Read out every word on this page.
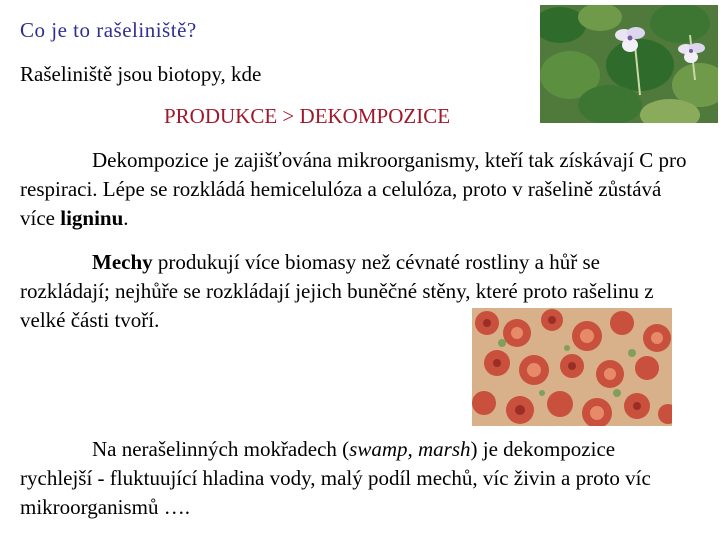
Co je to rašeliniště?
Rašeliniště jsou biotopy, kde
PRODUKCE > DEKOMPOZICE
Dekompozice je zajišťována mikroorganismy, kteří tak získávají C pro respiraci. Lépe se rozkládá hemicelulóza a celulóza, proto v rašelině zůstává více ligninu.
Mechy produkují více biomasy než cévnaté rostliny a hůř se rozkládají; nejhůře se rozkládají jejich buněčné stěny, které proto rašelinu z velké části tvoří.
Na nerašelinných mokřadech (swamp, marsh) je dekompozice rychlejší - fluktuující hladina vody, malý podíl mechů, víc živin a proto víc mikroorganismů ….
